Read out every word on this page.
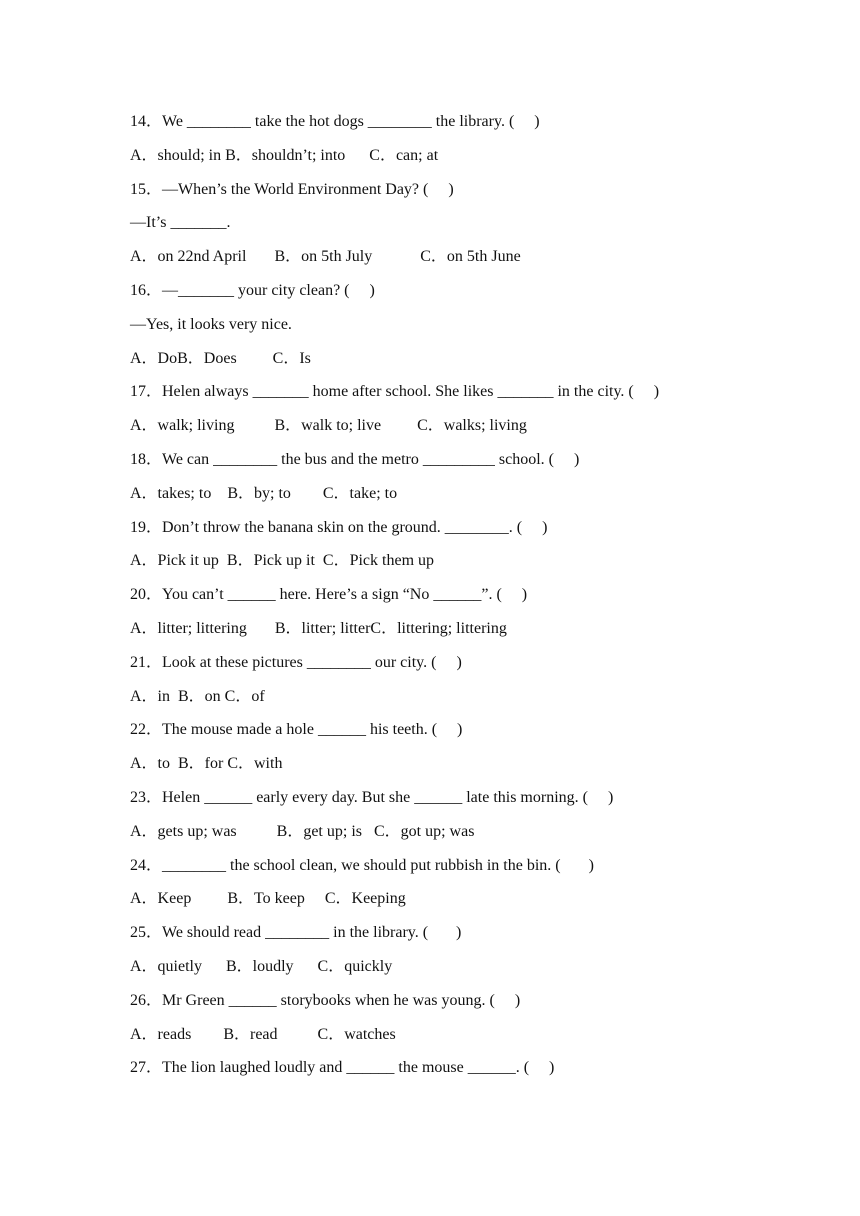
14．We ________ take the hot dogs ________ the library. (     )
A．should; in B．shouldn’t; into      C．can; at
15．—When’s the World Environment Day? (     )
—It’s _______.
A．on 22nd April       B．on 5th July            C．on 5th June
16．—_______ your city clean? (     )
—Yes, it looks very nice.
A．DoB．Does         C．Is
17．Helen always _______ home after school. She likes _______ in the city. (     )
A．walk; living          B．walk to; live         C．walks; living
18．We can ________ the bus and the metro _________ school. (     )
A．takes; to    B．by; to        C．take; to
19．Don’t throw the banana skin on the ground. ________. (     )
A．Pick it up  B．Pick up it  C．Pick them up
20．You can’t ______ here. Here’s a sign “No ______”. (     )
A．litter; littering       B．litter; litterC．littering; littering
21．Look at these pictures ________ our city. (     )
A．in  B．on C．of
22．The mouse made a hole ______ his teeth. (     )
A．to  B．for C．with
23．Helen ______ early every day. But she ______ late this morning. (     )
A．gets up; was          B．get up; is   C．got up; was
24．________ the school clean, we should put rubbish in the bin. (       )
A．Keep         B．To keep     C．Keeping
25．We should read ________ in the library. (       )
A．quietly      B．loudly      C．quickly
26．Mr Green ______ storybooks when he was young. (     )
A．reads        B．read          C．watches
27．The lion laughed loudly and ______ the mouse ______. (     )
